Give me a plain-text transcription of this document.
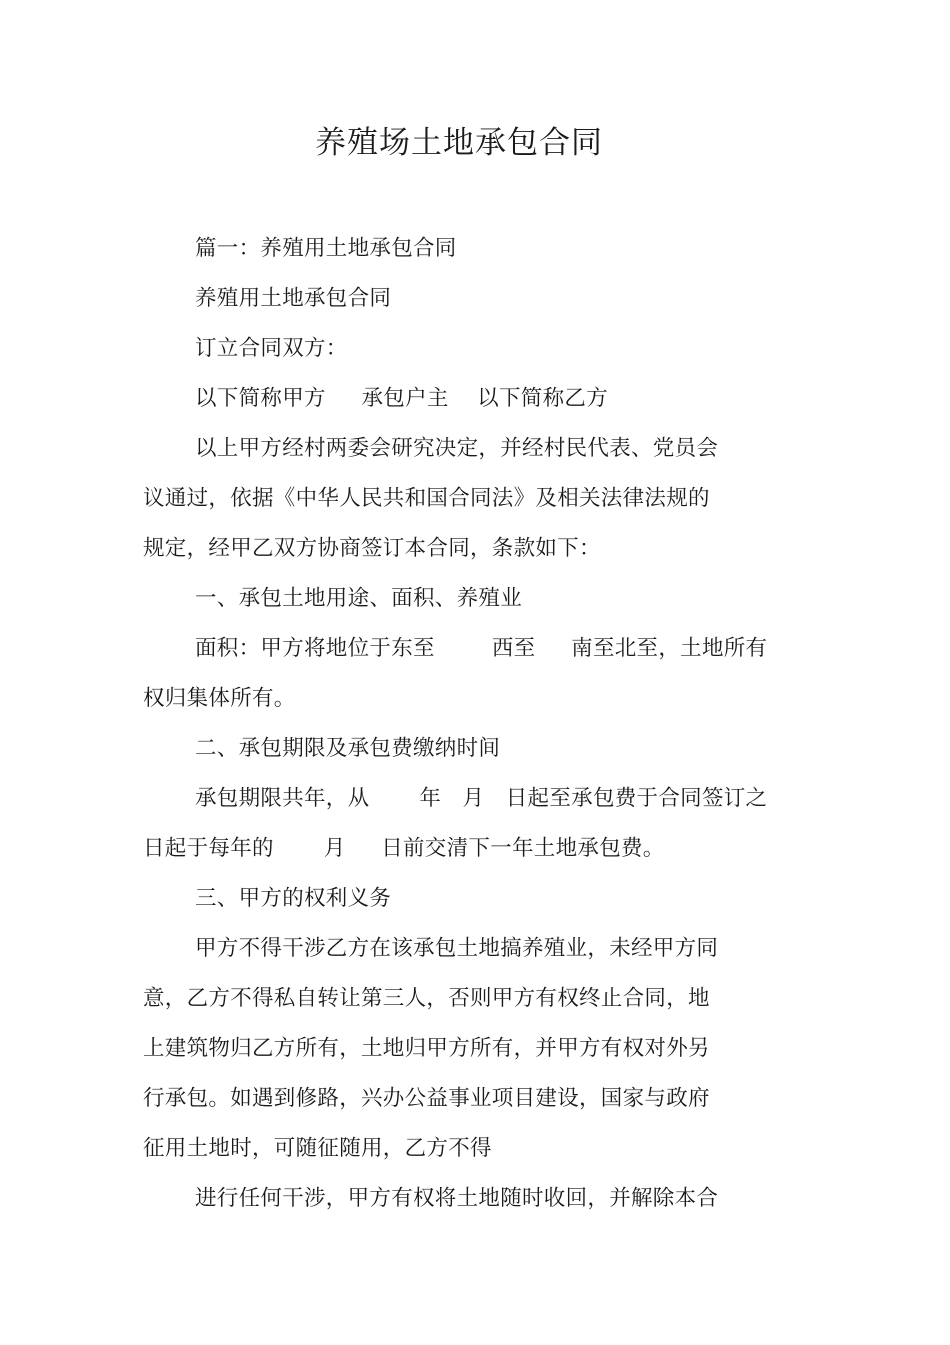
养殖场土地承包合同
篇一：养殖用土地承包合同
养殖用土地承包合同
订立合同双方：
以下简称甲方     承包户主    以下简称乙方
以上甲方经村两委会研究决定，并经村民代表、党员会
议通过，依据《中华人民共和国合同法》及相关法律法规的
规定，经甲乙双方协商签订本合同，条款如下：
一、承包土地用途、面积、养殖业
面积：甲方将地位于东至        西至     南至北至，土地所有
权归集体所有。
二、承包期限及承包费缴纳时间
承包期限共年，从       年   月   日起至承包费于合同签订之
日起于每年的       月     日前交清下一年土地承包费。
三、甲方的权利义务
甲方不得干涉乙方在该承包土地搞养殖业，未经甲方同
意，乙方不得私自转让第三人，否则甲方有权终止合同，地
上建筑物归乙方所有，土地归甲方所有，并甲方有权对外另
行承包。如遇到修路，兴办公益事业项目建设，国家与政府
征用土地时，可随征随用，乙方不得
进行任何干涉，甲方有权将土地随时收回，并解除本合
